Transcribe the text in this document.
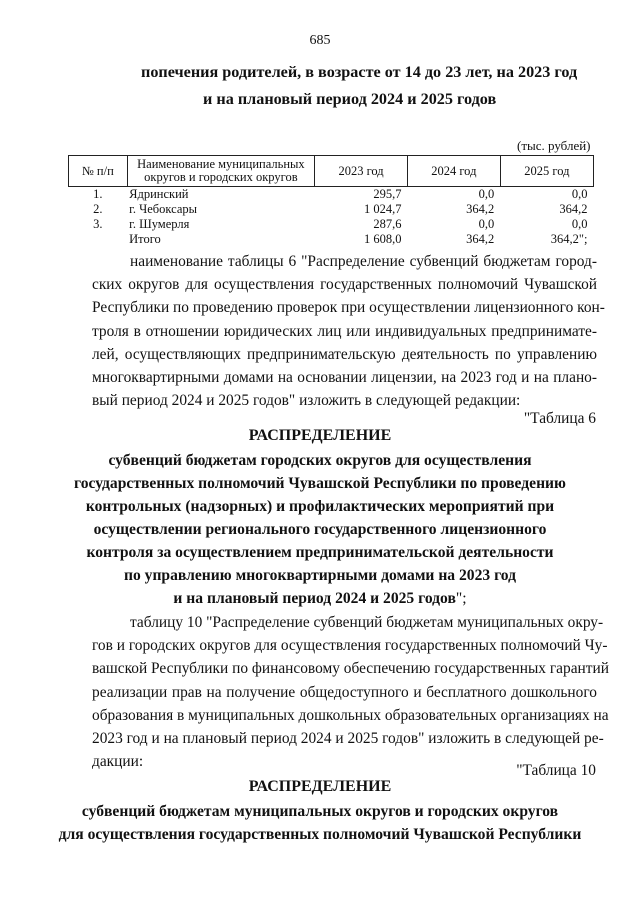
685
попечения родителей, в возрасте от 14 до 23 лет, на 2023 год
и на плановый период 2024 и 2025 годов
(тыс. рублей)
№ п/п	Наименование муниципальных округов и городских округов	2023 год	2024 год	2025 год
1.	Ядринский	295,7	0,0	0,0
2.	г. Чебоксары	1 024,7	364,2	364,2
3.	г. Шумерля	287,6	0,0	0,0
	Итого	1 608,0	364,2	364,2";
наименование таблицы 6 "Распределение субвенций бюджетам город-
ских округов для осуществления государственных полномочий Чувашской
Республики по проведению проверок при осуществлении лицензионного кон-
троля в отношении юридических лиц или индивидуальных предпринимате-
лей, осуществляющих предпринимательскую деятельность по управлению
многоквартирными домами на основании лицензии, на 2023 год и на плано-
вый период 2024 и 2025 годов" изложить в следующей редакции:
"Таблица 6
РАСПРЕДЕЛЕНИЕ
субвенций бюджетам городских округов для осуществления
государственных полномочий Чувашской Республики по проведению
контрольных (надзорных) и профилактических мероприятий при
осуществлении регионального государственного лицензионного
контроля за осуществлением предпринимательской деятельности
по управлению многоквартирными домами на 2023 год
и на плановый период 2024 и 2025 годов";
таблицу 10 "Распределение субвенций бюджетам муниципальных окру-
гов и городских округов для осуществления государственных полномочий Чу-
вашской Республики по финансовому обеспечению государственных гарантий
реализации прав на получение общедоступного и бесплатного дошкольного
образования в муниципальных дошкольных образовательных организациях на
2023 год и на плановый период 2024 и 2025 годов" изложить в следующей ре-
дакции:
"Таблица 10
РАСПРЕДЕЛЕНИЕ
субвенций бюджетам муниципальных округов и городских округов
для осуществления государственных полномочий Чувашской Республики
